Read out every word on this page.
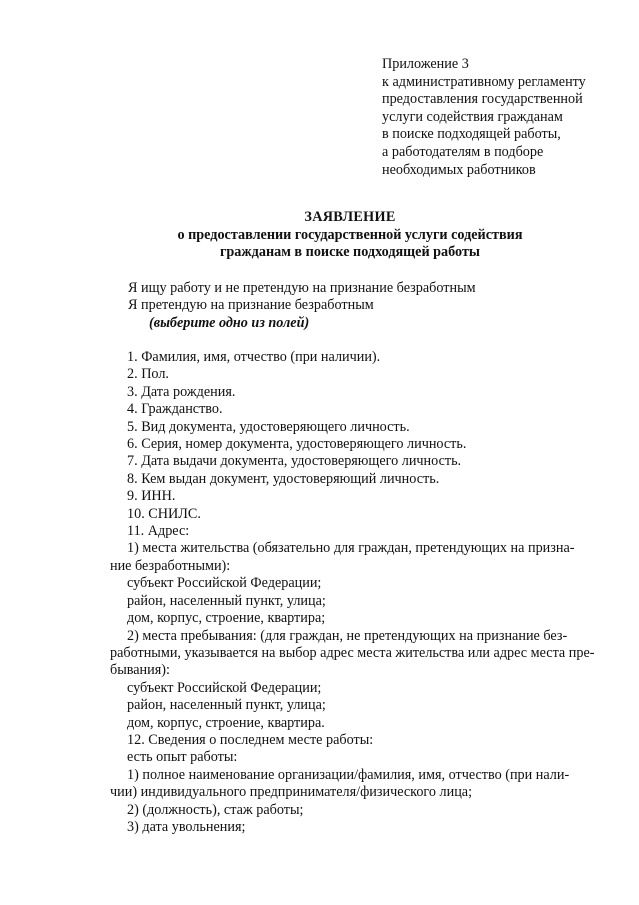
Приложение 3
к административному регламенту
предоставления государственной
услуги содействия гражданам
в поиске подходящей работы,
а работодателям в подборе
необходимых работников
ЗАЯВЛЕНИЕ
о предоставлении государственной услуги содействия
гражданам в поиске подходящей работы
Я ищу работу и не претендую на признание безработным
Я претендую на признание безработным
(выберите одно из полей)
1. Фамилия, имя, отчество (при наличии).
2. Пол.
3. Дата рождения.
4. Гражданство.
5. Вид документа, удостоверяющего личность.
6. Серия, номер документа, удостоверяющего личность.
7. Дата выдачи документа, удостоверяющего личность.
8. Кем выдан документ, удостоверяющий личность.
9. ИНН.
10. СНИЛС.
11. Адрес:
1) места жительства (обязательно для граждан, претендующих на призна-
ние безработными):
субъект Российской Федерации;
район, населенный пункт, улица;
дом, корпус, строение, квартира;
2) места пребывания: (для граждан, не претендующих на признание без-
работными, указывается на выбор адрес места жительства или адрес места пре-
бывания):
субъект Российской Федерации;
район, населенный пункт, улица;
дом, корпус, строение, квартира.
12. Сведения о последнем месте работы:
есть опыт работы:
1) полное наименование организации/фамилия, имя, отчество (при нали-
чии) индивидуального предпринимателя/физического лица;
2) (должность), стаж работы;
3) дата увольнения;
